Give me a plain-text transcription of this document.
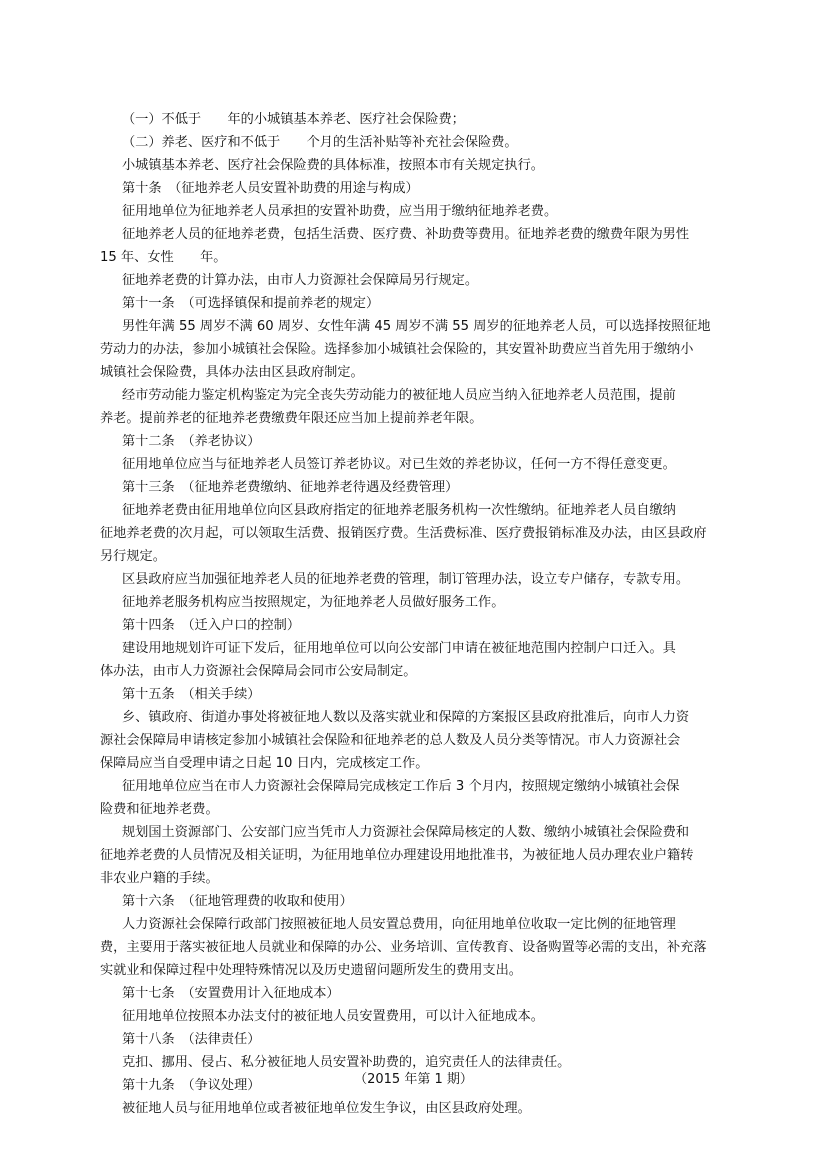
（一）不低于　　年的小城镇基本养老、医疗社会保险费；
（二）养老、医疗和不低于　　个月的生活补贴等补充社会保险费。
小城镇基本养老、医疗社会保险费的具体标准，按照本市有关规定执行。
第十条　（征地养老人员安置补助费的用途与构成）
征用地单位为征地养老人员承担的安置补助费，应当用于缴纳征地养老费。
征地养老人员的征地养老费，包括生活费、医疗费、补助费等费用。征地养老费的缴费年限为男性
15 年、女性　　年。
征地养老费的计算办法，由市人力资源社会保障局另行规定。
第十一条　（可选择镇保和提前养老的规定）
男性年满 55 周岁不满 60 周岁、女性年满 45 周岁不满 55 周岁的征地养老人员，可以选择按照征地
劳动力的办法，参加小城镇社会保险。选择参加小城镇社会保险的，其安置补助费应当首先用于缴纳小
城镇社会保险费，具体办法由区县政府制定。
经市劳动能力鉴定机构鉴定为完全丧失劳动能力的被征地人员应当纳入征地养老人员范围，提前
养老。提前养老的征地养老费缴费年限还应当加上提前养老年限。
第十二条　（养老协议）
征用地单位应当与征地养老人员签订养老协议。对已生效的养老协议，任何一方不得任意变更。
第十三条　（征地养老费缴纳、征地养老待遇及经费管理）
征地养老费由征用地单位向区县政府指定的征地养老服务机构一次性缴纳。征地养老人员自缴纳
征地养老费的次月起，可以领取生活费、报销医疗费。生活费标准、医疗费报销标准及办法，由区县政府
另行规定。
区县政府应当加强征地养老人员的征地养老费的管理，制订管理办法，设立专户储存，专款专用。
征地养老服务机构应当按照规定，为征地养老人员做好服务工作。
第十四条　（迁入户口的控制）
建设用地规划许可证下发后，征用地单位可以向公安部门申请在被征地范围内控制户口迁入。具
体办法，由市人力资源社会保障局会同市公安局制定。
第十五条　（相关手续）
乡、镇政府、街道办事处将被征地人数以及落实就业和保障的方案报区县政府批准后，向市人力资
源社会保障局申请核定参加小城镇社会保险和征地养老的总人数及人员分类等情况。市人力资源社会
保障局应当自受理申请之日起 10 日内，完成核定工作。
征用地单位应当在市人力资源社会保障局完成核定工作后 3 个月内，按照规定缴纳小城镇社会保
险费和征地养老费。
规划国土资源部门、公安部门应当凭市人力资源社会保障局核定的人数、缴纳小城镇社会保险费和
征地养老费的人员情况及相关证明，为征用地单位办理建设用地批准书，为被征地人员办理农业户籍转
非农业户籍的手续。
第十六条　（征地管理费的收取和使用）
人力资源社会保障行政部门按照被征地人员安置总费用，向征用地单位收取一定比例的征地管理
费，主要用于落实被征地人员就业和保障的办公、业务培训、宣传教育、设备购置等必需的支出，补充落
实就业和保障过程中处理特殊情况以及历史遗留问题所发生的费用支出。
第十七条　（安置费用计入征地成本）
征用地单位按照本办法支付的被征地人员安置费用，可以计入征地成本。
第十八条　（法律责任）
克扣、挪用、侵占、私分被征地人员安置补助费的，追究责任人的法律责任。
第十九条　（争议处理）
被征地人员与征用地单位或者被征地单位发生争议，由区县政府处理。
（2015 年第 1 期）
